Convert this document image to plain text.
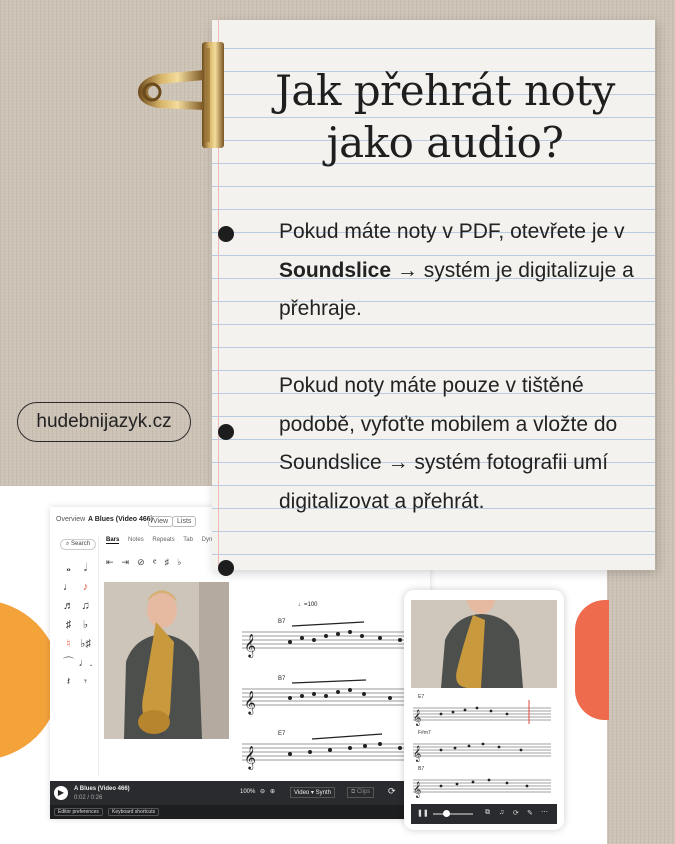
Overview A Blues (Video 466) View	Lists
⌕ Search
𝅝 𝅗𝅥 ♩ ♪ ♬ ♫ ♯ ♭ ♮ ♭♯ ⌒ ♩. 𝄽 𝄾
Bars Notes Repeats Tab Dyn
⇤⇥⊘𝄴♯♭
♩=100
𝄞
𝄞
𝄞
B7
B7
E7
▶	A Blues (Video 466)
0:02 / 0:26
100% ⊖ ⊕	Video ▾ Synth	⧉ Clips	⟳
Editor preferences	Keyboard shortcuts
𝄞
𝄞
𝄞
E7
F#m7
B7
❚❚	⧉ ♫ ⟳ ✎ ⋯
Jak přehrát noty jako audio?

Pokud máte noty v PDF, otevřete je v Soundslice → systém je digitalizuje a přehraje.

Pokud noty máte pouze v tištěné podobě, vyfoťte mobilem a vložte do Soundslice → systém fotografii umí digitalizovat a přehrát.

hudebnijazyk.cz
